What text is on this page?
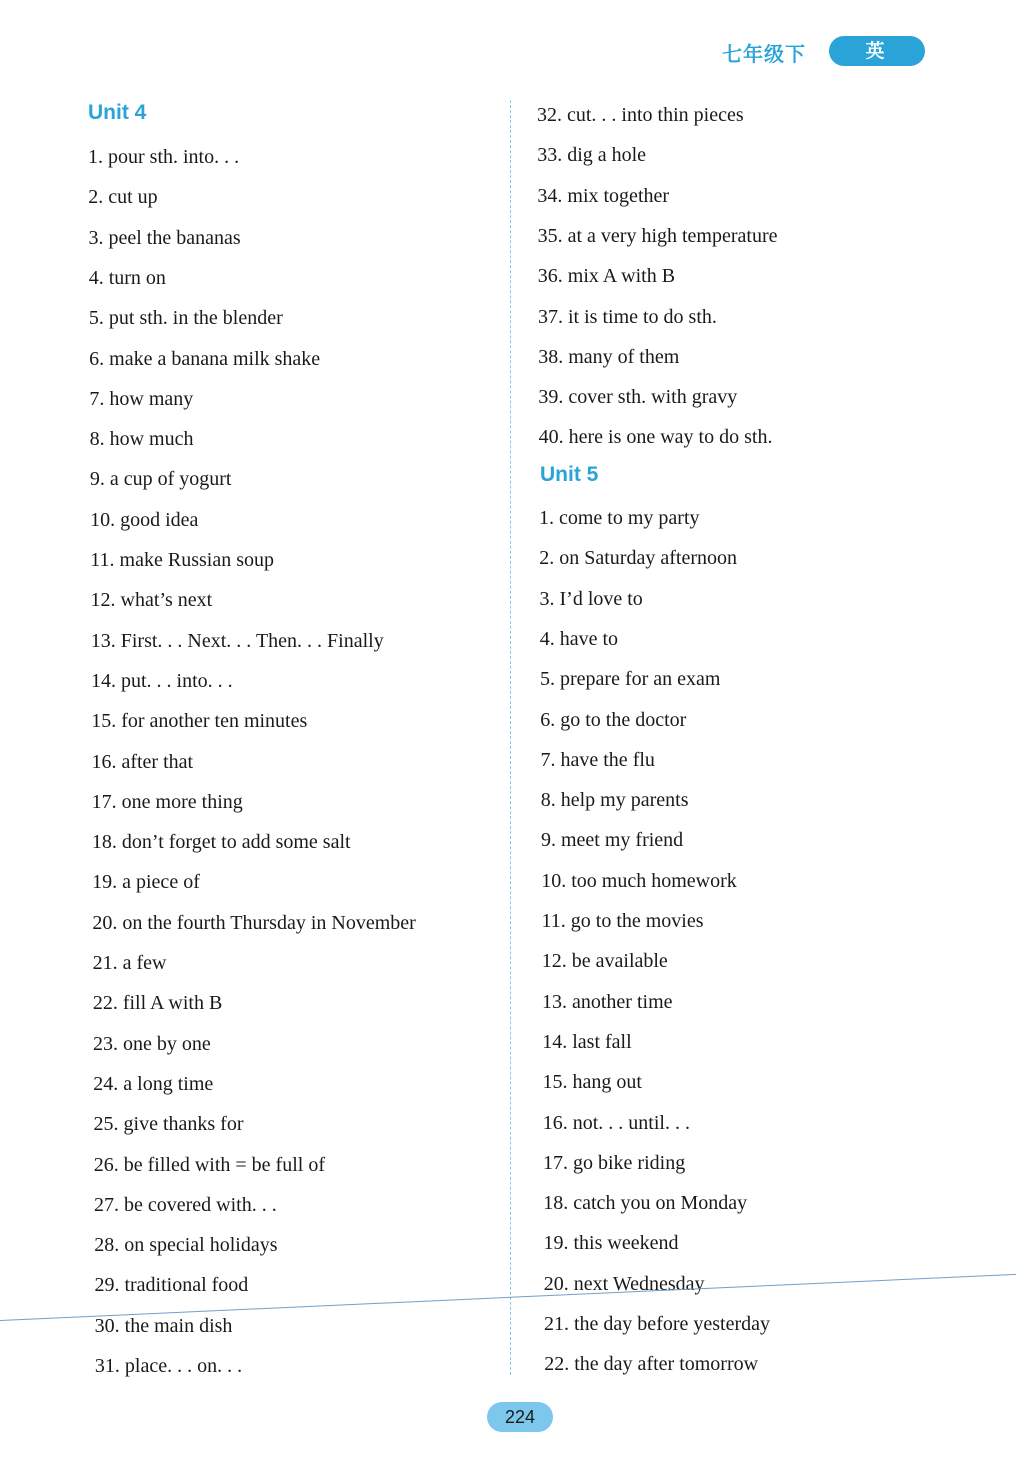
七年级下	英 语
Unit 4
1. pour sth. into. . .
2. cut up
3. peel the bananas
4. turn on
5. put sth. in the blender
6. make a banana milk shake
7. how many
8. how much
9. a cup of yogurt
10. good idea
11. make Russian soup
12. what’s next
13. First. . . Next. . . Then. . . Finally
14. put. . . into. . .
15. for another ten minutes
16. after that
17. one more thing
18. don’t forget to add some salt
19. a piece of
20. on the fourth Thursday in November
21. a few
22. fill A with B
23. one by one
24. a long time
25. give thanks for
26. be filled with = be full of
27. be covered with. . .
28. on special holidays
29. traditional food
30. the main dish
31. place. . . on. . .
Unit 5
32. cut. . . into thin pieces
33. dig a hole
34. mix together
35. at a very high temperature
36. mix A with B
37. it is time to do sth.
38. many of them
39. cover sth. with gravy
40. here is one way to do sth.
1. come to my party
2. on Saturday afternoon
3. I’d love to
4. have to
5. prepare for an exam
6. go to the doctor
7. have the flu
8. help my parents
9. meet my friend
10. too much homework
11. go to the movies
12. be available
13. another time
14. last fall
15. hang out
16. not. . . until. . .
17. go bike riding
18. catch you on Monday
19. this weekend
20. next Wednesday
21. the day before yesterday
22. the day after tomorrow
224
